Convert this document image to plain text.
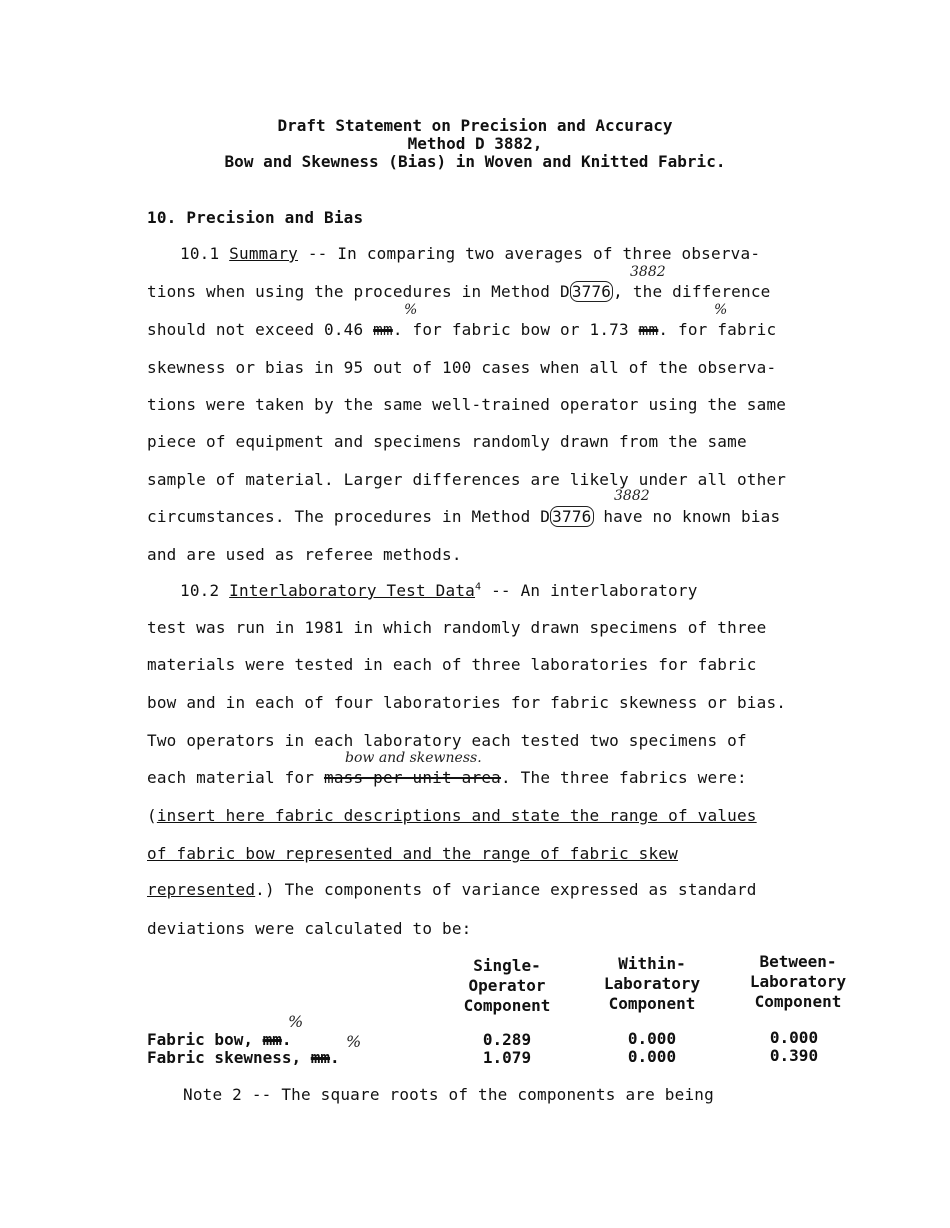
Draft Statement on Precision and Accuracy
Method D 3882,
Bow and Skewness (Bias) in Woven and Knitted Fabric.
10. Precision and Bias
10.1 Summary -- In comparing two averages of three observa-
3882
tions when using the procedures in Method D 3776 , the difference
%	%
should not exceed 0.46 mm. for fabric bow or 1.73 mm. for fabric
skewness or bias in 95 out of 100 cases when all of the observa-
tions were taken by the same well-trained operator using the same
piece of equipment and specimens randomly drawn from the same
sample of material. Larger differences are likely under all other
3882
circumstances. The procedures in Method D 3776 have no known bias
and are used as referee methods.
10.2 Interlaboratory Test Data$^4$ -- An interlaboratory
test was run in 1981 in which randomly drawn specimens of three
materials were tested in each of three laboratories for fabric
bow and in each of four laboratories for fabric skewness or bias.
Two operators in each laboratory each tested two specimens of
bow and skewness.
each material for mass per unit area. The three fabrics were:
(insert here fabric descriptions and state the range of values
of fabric bow represented and the range of fabric skew
represented.) The components of variance expressed as standard
deviations were calculated to be:
Single-
Operator
Component
Within-
Laboratory
Component
Between-
Laboratory
Component
%
Fabric bow, mm.	0.289	0.000	0.000
%
Fabric skewness, mm.	1.079	0.000	0.390
Note 2 -- The square roots of the components are being
